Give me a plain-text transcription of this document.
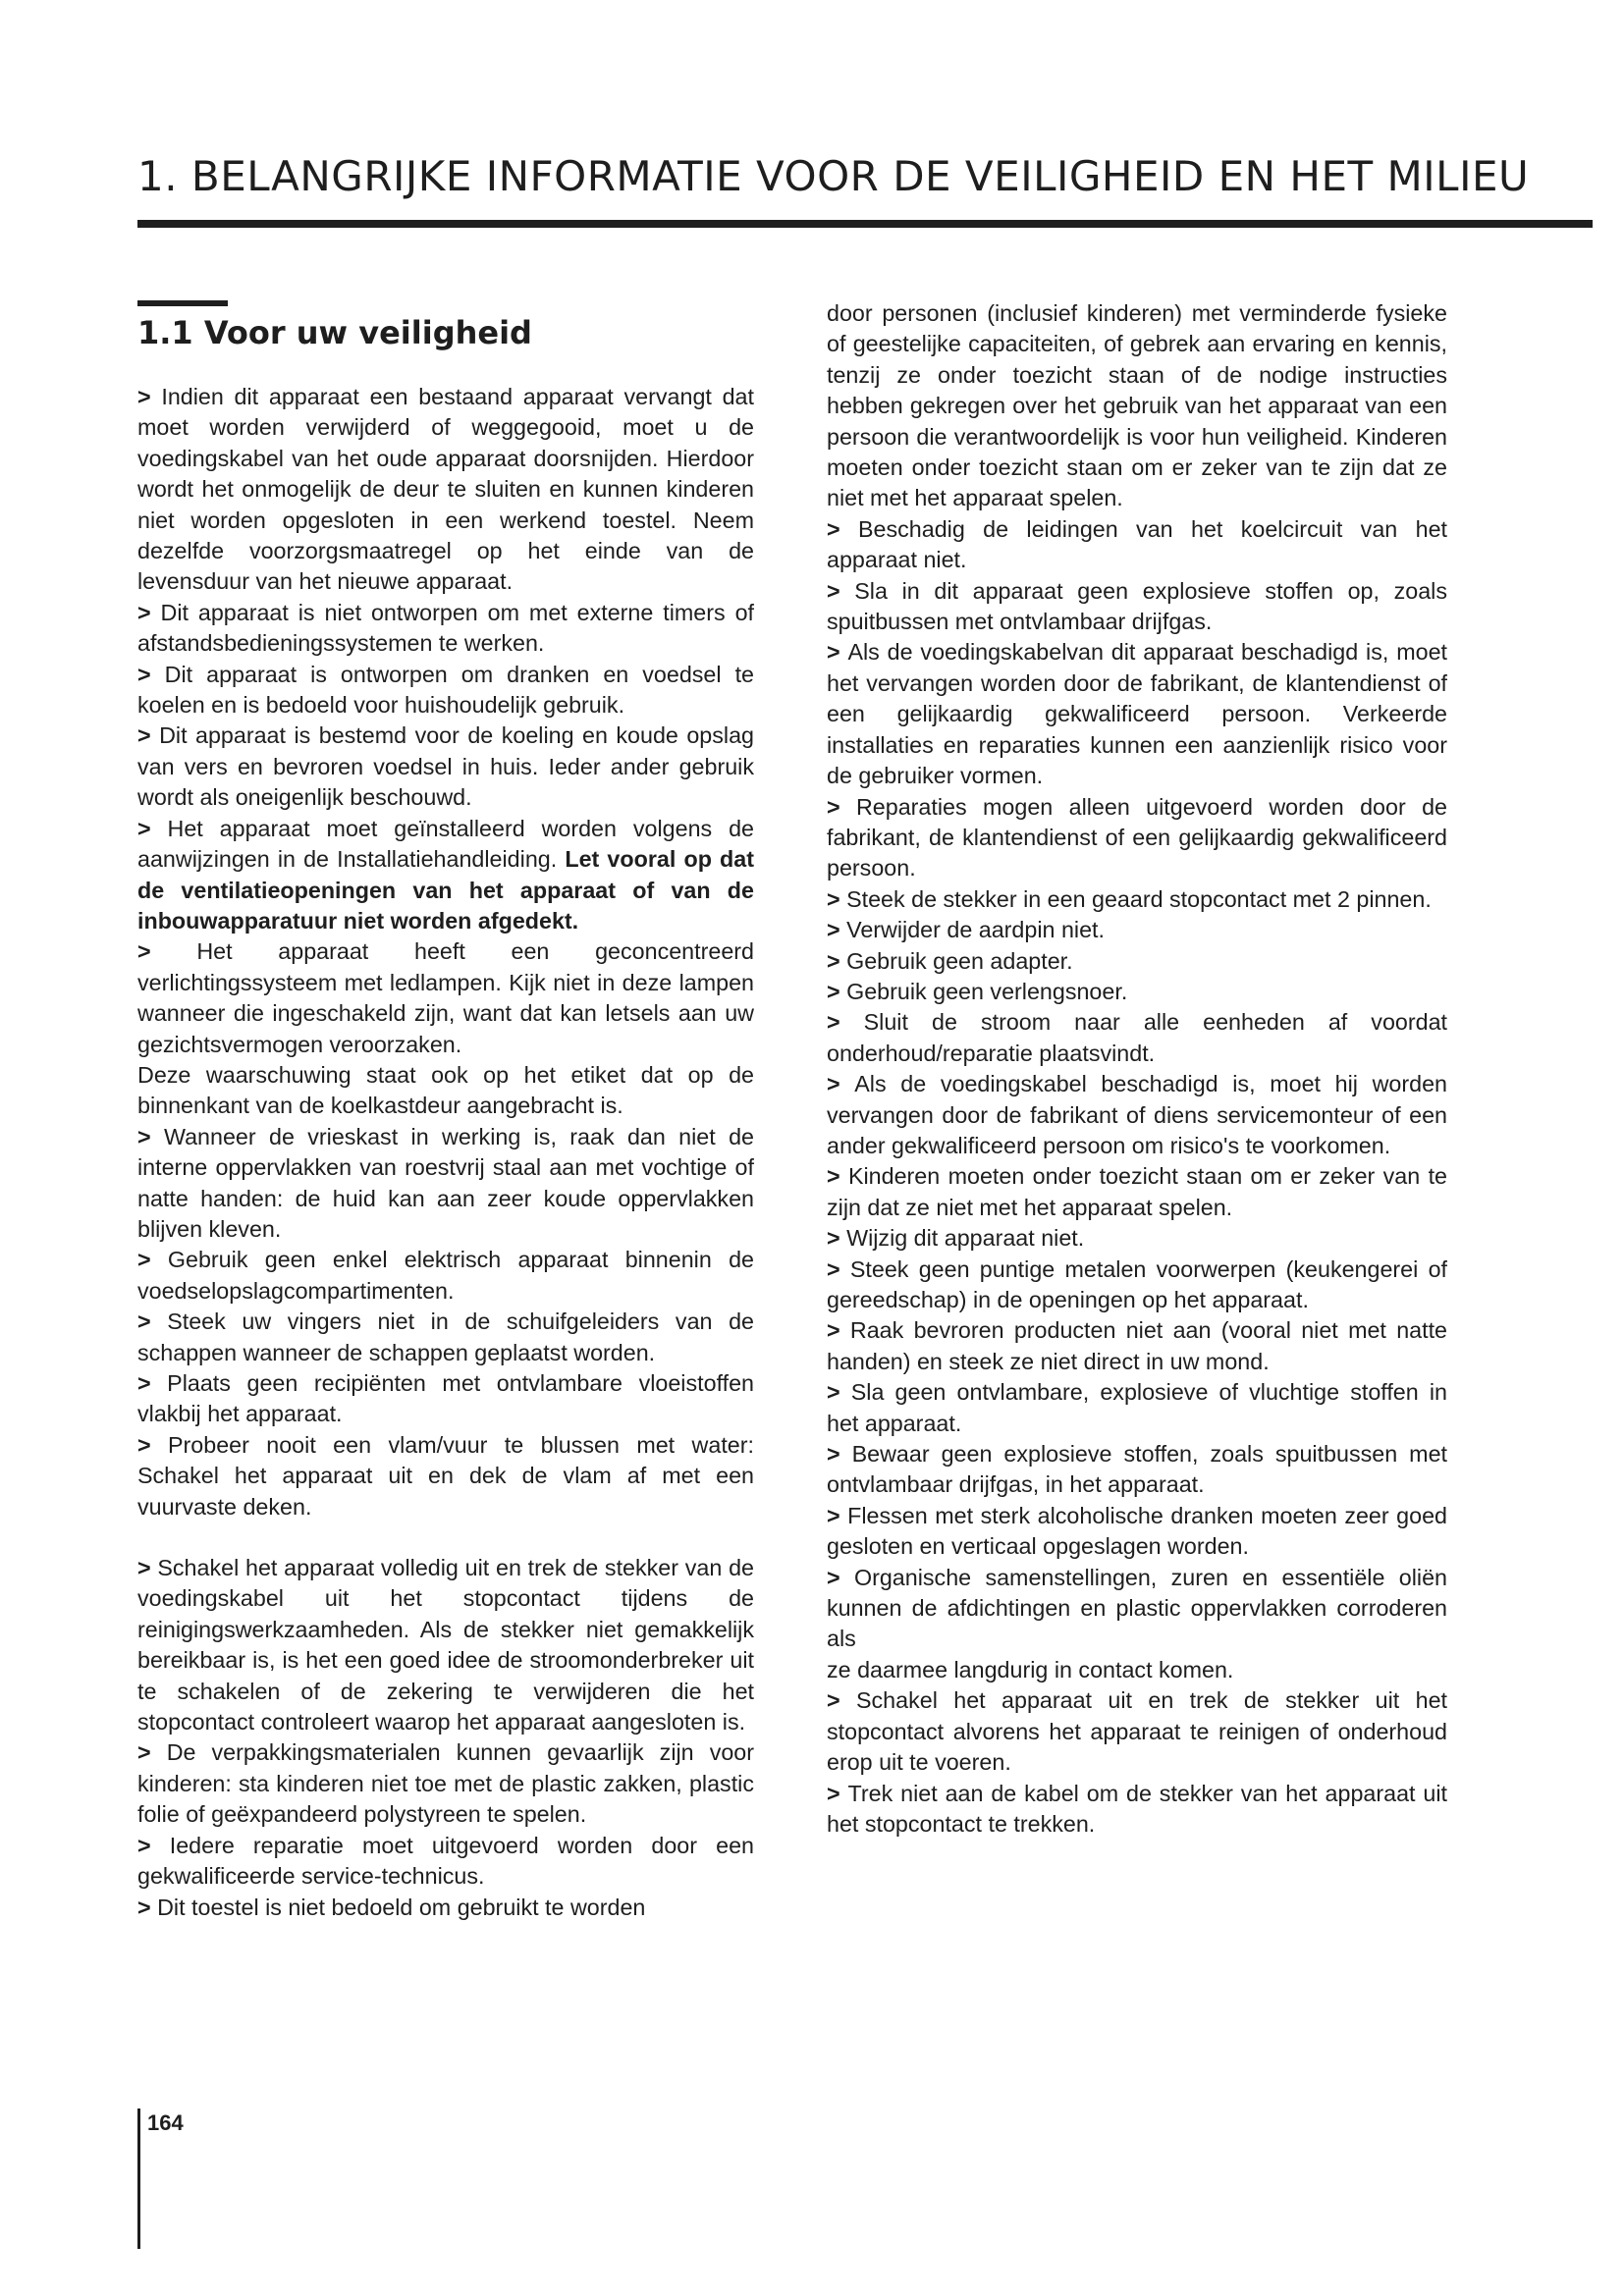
1. BELANGRIJKE INFORMATIE VOOR DE VEILIGHEID EN HET MILIEU
1.1 Voor uw veiligheid

> Indien dit apparaat een bestaand apparaat vervangt dat moet worden verwijderd of weggegooid, moet u de voedingskabel van het oude apparaat doorsnijden. Hierdoor wordt het onmogelijk de deur te sluiten en kunnen kinderen niet worden opgesloten in een werkend toestel. Neem dezelfde voorzorgsmaatregel op het einde van de levensduur van het nieuwe apparaat.

> Dit apparaat is niet ontworpen om met externe timers of afstandsbedieningssystemen te werken.

> Dit apparaat is ontworpen om dranken en voedsel te koelen en is bedoeld voor huishoudelijk gebruik.

> Dit apparaat is bestemd voor de koeling en koude opslag van vers en bevroren voedsel in huis. Ieder ander gebruik wordt als oneigenlijk beschouwd.

> Het apparaat moet geïnstalleerd worden volgens de aanwijzingen in de Installatiehandleiding. Let vooral op dat de ventilatieopeningen van het apparaat of van de inbouwapparatuur niet worden afgedekt.

> Het apparaat heeft een geconcentreerd verlichtingssysteem met ledlampen. Kijk niet in deze lampen wanneer die ingeschakeld zijn, want dat kan letsels aan uw gezichtsvermogen veroorzaken.

Deze waarschuwing staat ook op het etiket dat op de binnenkant van de koelkastdeur aangebracht is.

> Wanneer de vrieskast in werking is, raak dan niet de interne oppervlakken van roestvrij staal aan met vochtige of natte handen: de huid kan aan zeer koude oppervlakken blijven kleven.

> Gebruik geen enkel elektrisch apparaat binnenin de voedselopslagcompartimenten.

> Steek uw vingers niet in de schuifgeleiders van de schappen wanneer de schappen geplaatst worden.

> Plaats geen recipiënten met ontvlambare vloeistoffen vlakbij het apparaat.

> Probeer nooit een vlam/vuur te blussen met water: Schakel het apparaat uit en dek de vlam af met een vuurvaste deken.

> Schakel het apparaat volledig uit en trek de stekker van de voedingskabel uit het stopcontact tijdens de reinigingswerkzaamheden. Als de stekker niet gemakkelijk bereikbaar is, is het een goed idee de stroomonderbreker uit te schakelen of de zekering te verwijderen die het stopcontact controleert waarop het apparaat aangesloten is.

> De verpakkingsmaterialen kunnen gevaarlijk zijn voor kinderen: sta kinderen niet toe met de plastic zakken, plastic folie of geëxpandeerd polystyreen te spelen.

> Iedere reparatie moet uitgevoerd worden door een gekwalificeerde service-technicus.

> Dit toestel is niet bedoeld om gebruikt te worden

door personen (inclusief kinderen) met verminderde fysieke of geestelijke capaciteiten, of gebrek aan ervaring en kennis, tenzij ze onder toezicht staan of de nodige instructies hebben gekregen over het gebruik van het apparaat van een persoon die verantwoordelijk is voor hun veiligheid. Kinderen moeten onder toezicht staan om er zeker van te zijn dat ze niet met het apparaat spelen.

> Beschadig de leidingen van het koelcircuit van het apparaat niet.

> Sla in dit apparaat geen explosieve stoffen op, zoals spuitbussen met ontvlambaar drijfgas.

> Als de voedingskabelvan dit apparaat beschadigd is, moet het vervangen worden door de fabrikant, de klantendienst of een gelijkaardig gekwalificeerd persoon. Verkeerde installaties en reparaties kunnen een aanzienlijk risico voor de gebruiker vormen.

> Reparaties mogen alleen uitgevoerd worden door de fabrikant, de klantendienst of een gelijkaardig gekwalificeerd persoon.

> Steek de stekker in een geaard stopcontact met 2 pinnen.

> Verwijder de aardpin niet.

> Gebruik geen adapter.

> Gebruik geen verlengsnoer.

> Sluit de stroom naar alle eenheden af voordat onderhoud/reparatie plaatsvindt.

> Als de voedingskabel beschadigd is, moet hij worden vervangen door de fabrikant of diens servicemonteur of een ander gekwalificeerd persoon om risico's te voorkomen.

> Kinderen moeten onder toezicht staan om er zeker van te zijn dat ze niet met het apparaat spelen.

> Wijzig dit apparaat niet.

> Steek geen puntige metalen voorwerpen (keukengerei of gereedschap) in de openingen op het apparaat.

> Raak bevroren producten niet aan (vooral niet met natte handen) en steek ze niet direct in uw mond.

> Sla geen ontvlambare, explosieve of vluchtige stoffen in het apparaat.

> Bewaar geen explosieve stoffen, zoals spuitbussen met ontvlambaar drijfgas, in het apparaat.

> Flessen met sterk alcoholische dranken moeten zeer goed gesloten en verticaal opgeslagen worden.

> Organische samenstellingen, zuren en essentiële oliën kunnen de afdichtingen en plastic oppervlakken corroderen als

ze daarmee langdurig in contact komen.

> Schakel het apparaat uit en trek de stekker uit het stopcontact alvorens het apparaat te reinigen of onderhoud erop uit te voeren.

> Trek niet aan de kabel om de stekker van het apparaat uit het stopcontact te trekken.

164
